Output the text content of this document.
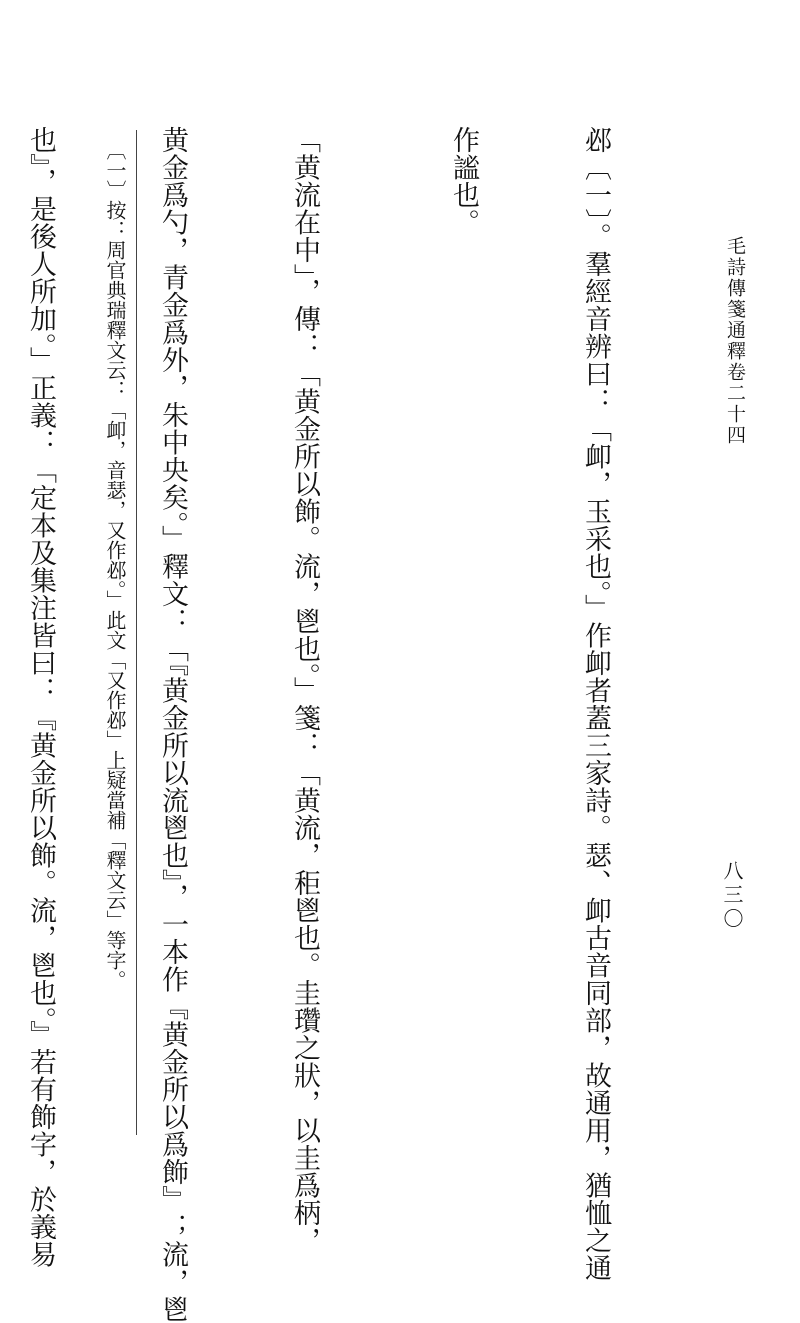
毛詩傳箋通釋卷二十四
八三〇

邲〔一〕。羣經音辨曰：「卹，玉采也。」作卹者蓋三家詩。瑟、卹古音同部，故通用，猶恤之通

作謐也。

「黄流在中」，傳：「黄金所以飾。流，鬯也。」箋：「黄流，秬鬯也。圭瓚之狀，以圭爲柄，

黄金爲勺，青金爲外，朱中央矣。」釋文：「『黄金所以流鬯也』，一本作『黄金所以爲飾』；流，鬯

也』，是後人所加。」正義：「定本及集注皆曰：『黄金所以飾。流，鬯也。』若有飾字，於義易

	〔一〕按：周官典瑞釋文云：「卹，音瑟，又作邲。」此文「又作邲」上疑當補「釋文云」等字。
